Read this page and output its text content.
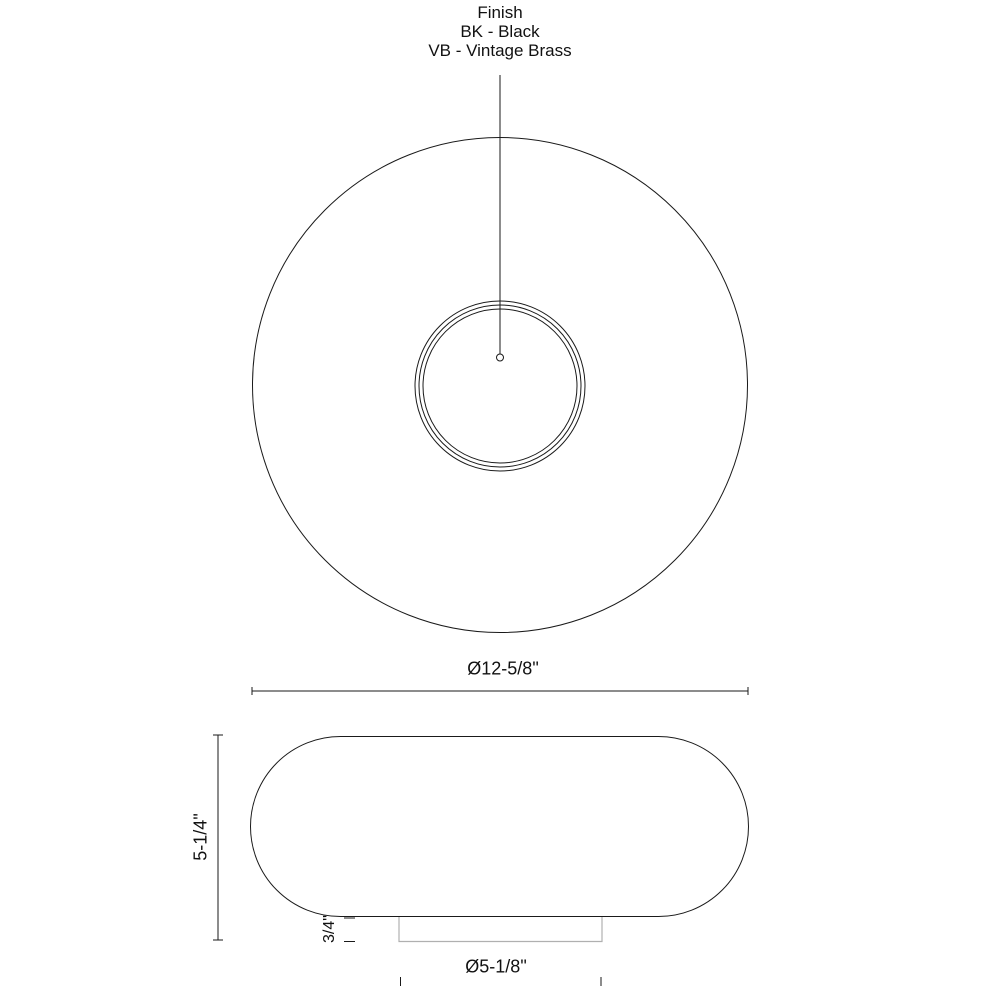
Finish
BK - Black
VB - Vintage Brass
Ø12-5/8"
5-1/4"
3/4"
Ø5-1/8"
